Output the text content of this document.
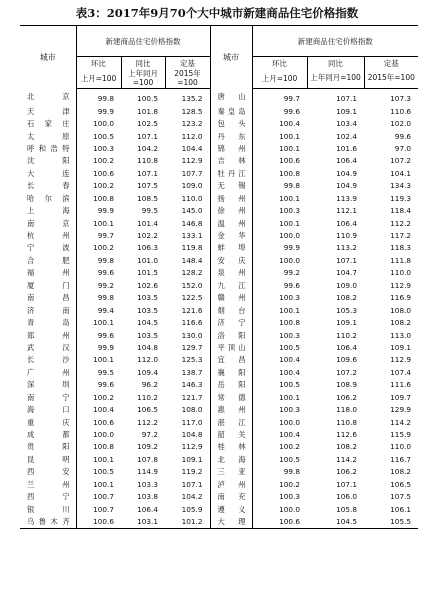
表3：2017年9月70个大中城市新建商品住宅价格指数
城市	新建商品住宅价格指数			城市	新建商品住宅价格指数		
	环比	同比	定基		环比	同比	定基
	上月=100	上年同月=100	2015年=100		上月=100	上年同月=100	2015年=100
北京	99.8	100.5	135.2	唐山	99.7	107.1	107.3
天津	99.9	101.8	128.5	秦皇岛	99.6	109.1	110.6
石家庄	100.0	102.5	123.2	包头	100.4	103.4	102.0
太原	100.5	107.1	112.0	丹东	100.1	102.4	99.6
呼和浩特	100.3	104.2	104.4	锦州	100.1	101.6	97.0
沈阳	100.2	110.8	112.9	吉林	100.6	106.4	107.2
大连	100.6	107.1	107.7	牡丹江	100.8	104.9	104.1
长春	100.2	107.5	109.0	无锡	99.8	104.9	134.3
哈尔滨	100.8	108.5	110.0	扬州	100.1	113.9	119.3
上海	99.9	99.5	145.0	徐州	100.3	112.1	118.4
南京	100.1	101.4	146.8	温州	100.1	106.4	112.2
杭州	99.7	102.2	133.1	金华	100.0	110.9	117.2
宁波	100.2	106.3	119.8	蚌埠	99.9	113.2	118.3
合肥	99.8	101.0	148.4	安庆	100.0	107.1	111.8
福州	99.6	101.5	128.2	泉州	99.2	104.7	110.0
厦门	99.2	102.6	152.0	九江	99.6	109.0	112.9
南昌	99.8	103.5	122.5	赣州	100.3	108.2	116.9
济南	99.4	103.5	121.6	烟台	100.1	105.3	108.0
青岛	100.1	104.5	116.6	济宁	100.8	109.1	108.2
郑州	99.6	103.5	130.0	洛阳	100.3	110.2	113.0
武汉	99.9	104.8	129.7	平顶山	100.5	106.4	109.1
长沙	100.1	112.0	125.3	宜昌	100.4	109.6	112.9
广州	99.5	109.4	138.7	襄阳	100.4	107.2	107.4
深圳	99.6	96.2	146.3	岳阳	100.5	108.9	111.6
南宁	100.2	110.2	121.7	常德	100.1	106.2	109.7
海口	100.4	106.5	108.0	惠州	100.3	118.0	129.9
重庆	100.6	112.2	117.0	湛江	100.0	110.8	114.2
成都	100.0	97.2	104.8	韶关	100.4	112.6	115.9
贵阳	100.8	109.2	112.9	桂林	100.2	108.2	110.0
昆明	100.1	107.8	109.1	北海	100.5	114.2	116.7
西安	100.5	114.9	119.2	三亚	99.8	106.2	108.2
兰州	100.1	103.3	107.1	泸州	100.2	107.1	106.5
西宁	100.7	103.8	104.2	南充	100.3	106.0	107.5
银川	100.7	106.4	105.9	遵义	100.0	105.8	106.1
乌鲁木齐	100.6	103.1	101.2	大理	100.6	104.5	105.5
